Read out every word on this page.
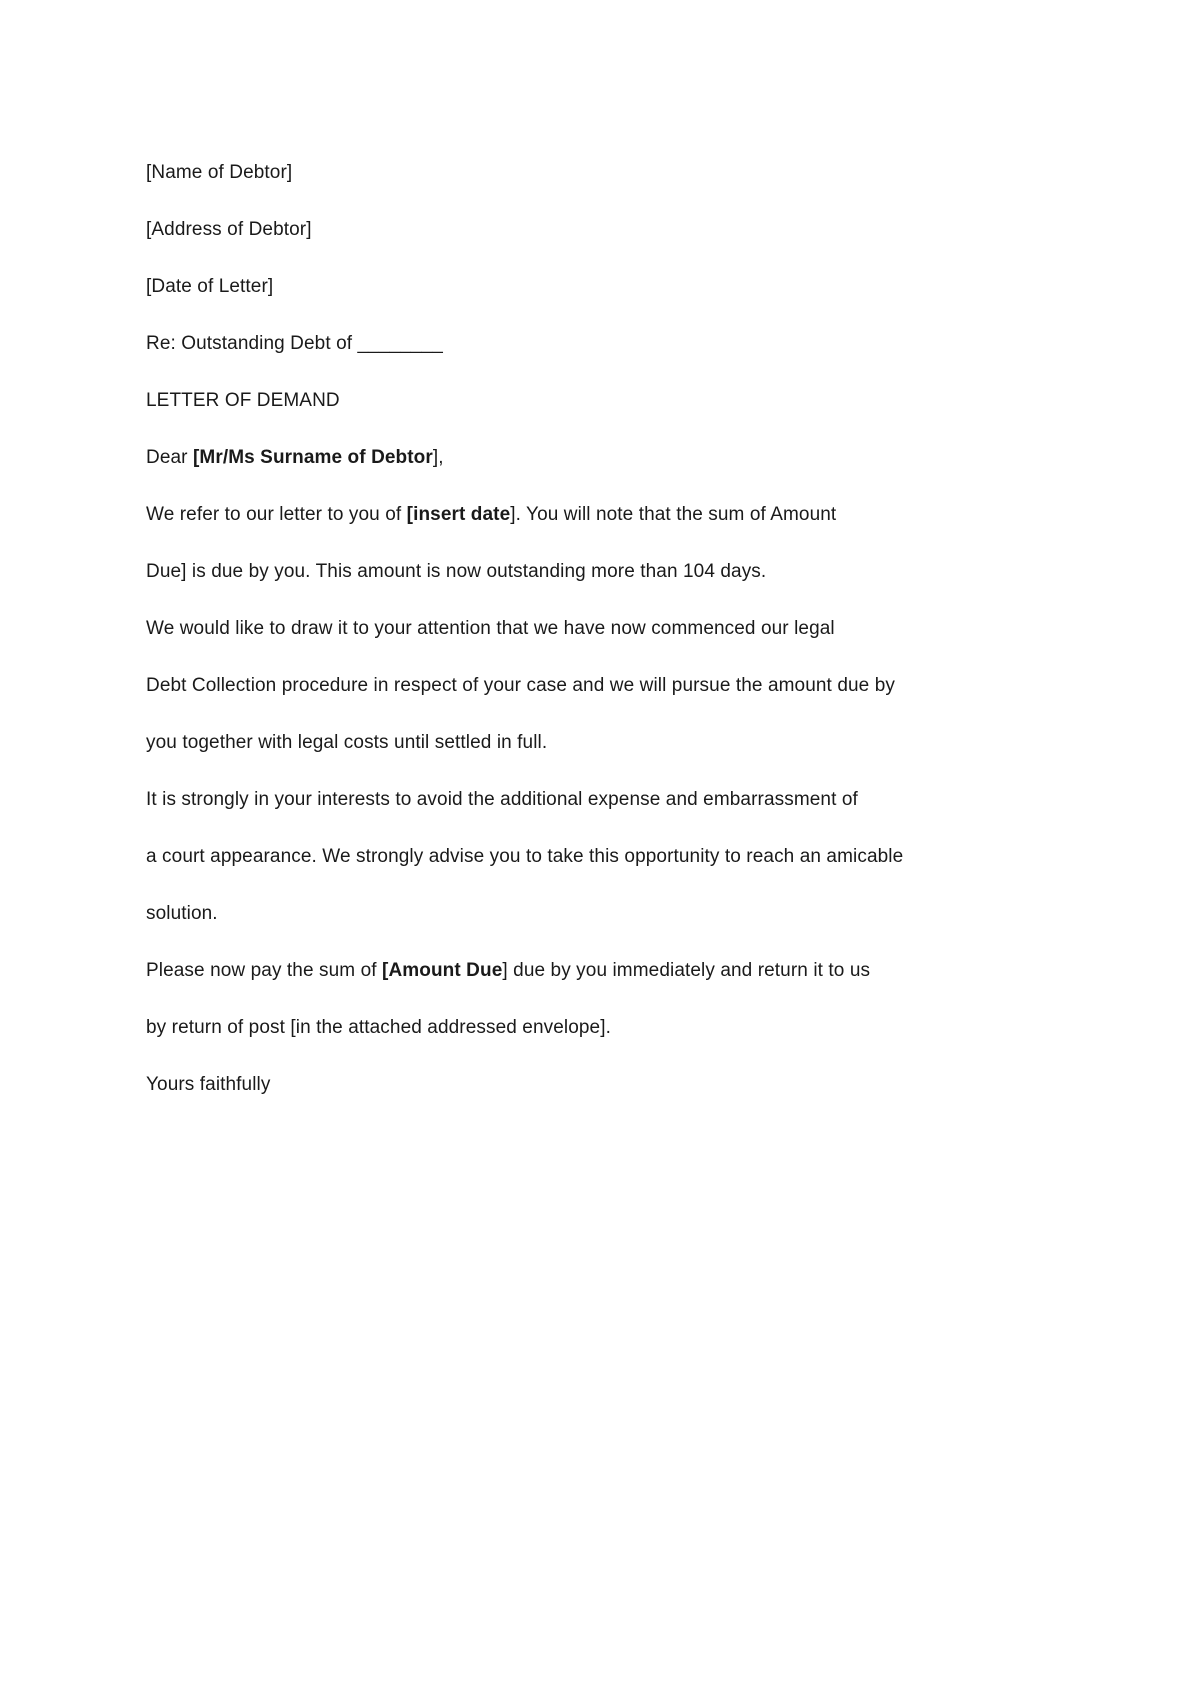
[Name of Debtor]
[Address of Debtor]
[Date of Letter]
Re: Outstanding Debt of ________
LETTER OF DEMAND
Dear [Mr/Ms Surname of Debtor],
We refer to our letter to you of [insert date]. You will note that the sum of Amount
Due] is due by you. This amount is now outstanding more than 104 days.
We would like to draw it to your attention that we have now commenced our legal
Debt Collection procedure in respect of your case and we will pursue the amount due by
you together with legal costs until settled in full.
It is strongly in your interests to avoid the additional expense and embarrassment of
a court appearance. We strongly advise you to take this opportunity to reach an amicable
solution.
Please now pay the sum of [Amount Due] due by you immediately and return it to us
by return of post [in the attached addressed envelope].
Yours faithfully
